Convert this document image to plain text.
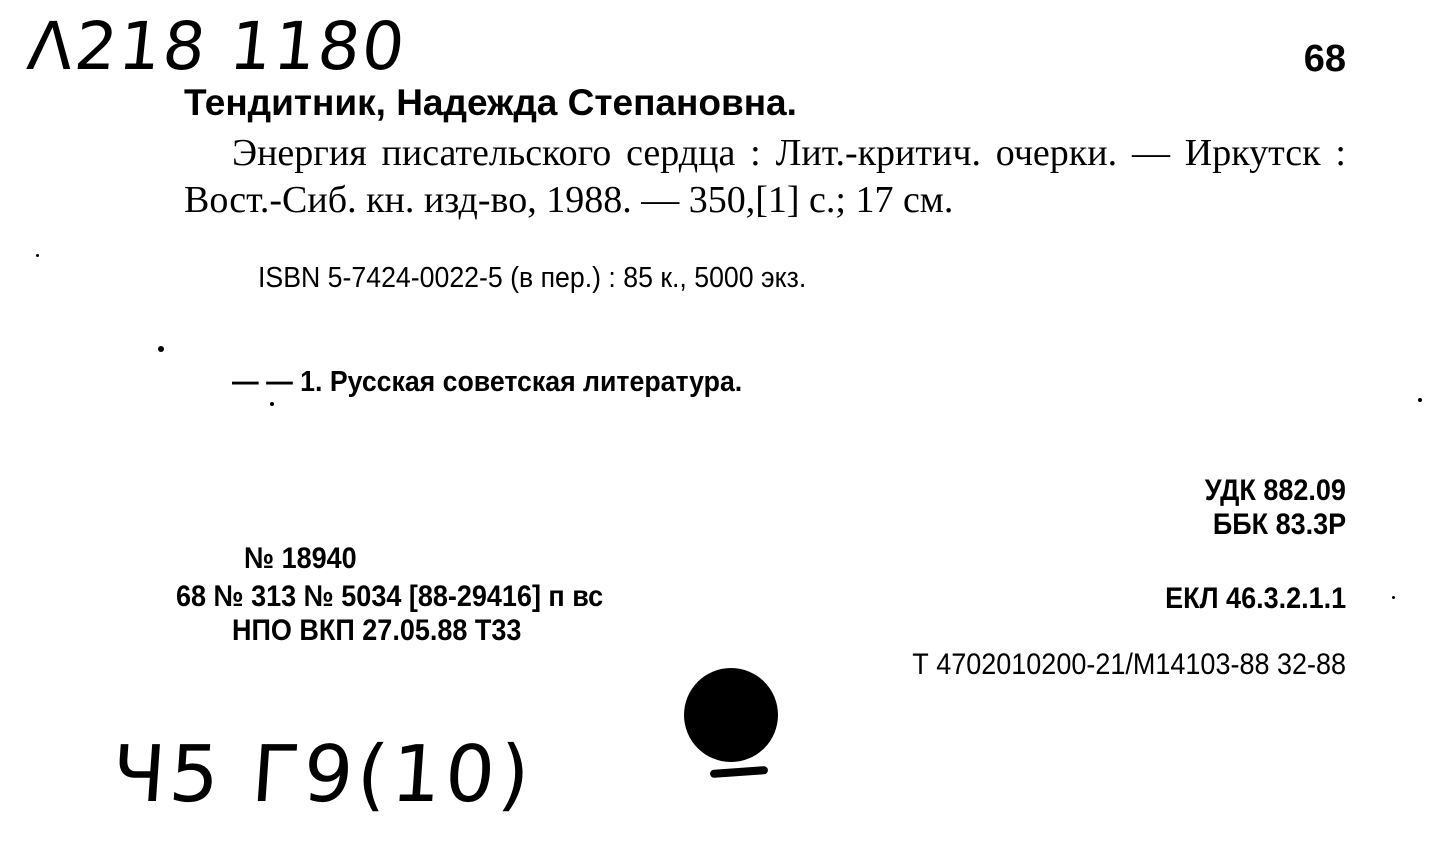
Λ218 1180	68
Тендитник, Надежда Степановна.
Энергия писательского сердца : Лит.-критич. очерки. — Иркутск : Вост.-Сиб. кн. изд-во, 1988. — 350,[1] с.; 17 см.
ISBN 5-7424-0022-5 (в пер.) : 85 к., 5000 экз.
— — 1. Русская советская литература.
УДК 882.09
ББК 83.3Р
ЕКЛ 46.3.2.1.1
Т 4702010200-21/М14103-88 32-88
№ 18940
68 № 313 № 5034 [88-29416] п вс
НПО ВКП 27.05.88 Т33
Ч5 Г9(10)
